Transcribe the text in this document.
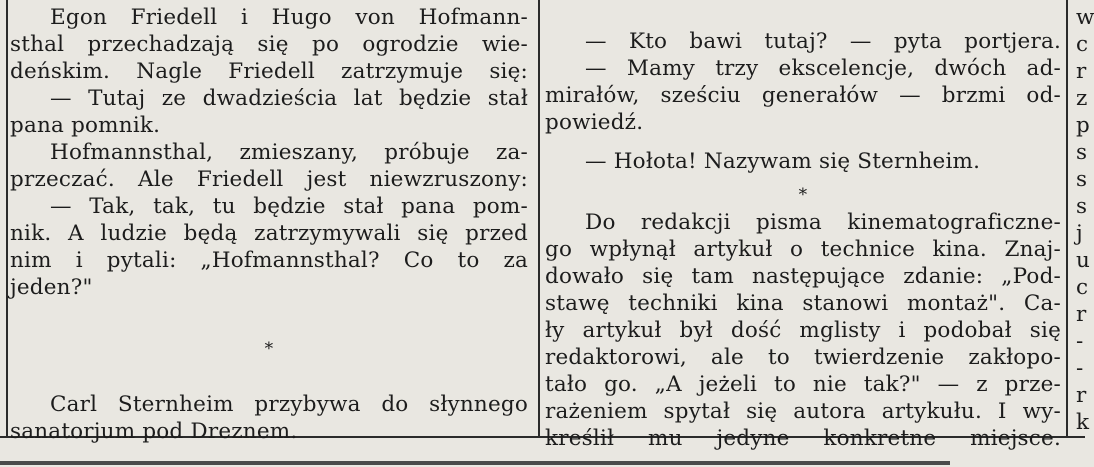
Egon Friedell i Hugo von Hofmann-

sthal przechadzają się po ogrodzie wie-

deńskim. Nagle Friedell zatrzymuje się:

— Tutaj ze dwadzieścia lat będzie stał

pana pomnik.

Hofmannsthal, zmieszany, próbuje za-

przeczać. Ale Friedell jest niewzruszony:

— Tak, tak, tu będzie stał pana pom-

nik. A ludzie będą zatrzymywali się przed

nim i pytali: „Hofmannsthal? Co to za

jeden?"

*

Carl Sternheim przybywa do słynnego

sanatorjum pod Dreznem.

— Kto bawi tutaj? — pyta portjera.

— Mamy trzy ekscelencje, dwóch ad-

mirałów, sześciu generałów — brzmi od-

powiedź.

— Hołota! Nazywam się Sternheim.

*

Do redakcji pisma kinematograficzne-

go wpłynął artykuł o technice kina. Znaj-

dowało się tam następujące zdanie: „Pod-

stawę techniki kina stanowi montaż". Ca-

ły artykuł był dość mglisty i podobał się

redaktorowi, ale to twierdzenie zakłopo-

tało go. „A jeżeli to nie tak?" — z prze-

rażeniem spytał się autora artykułu. I wy-

kreślił mu jedyne konkretne miejsce.

w
c
r
z
p
s
s
s
j
u
c
r
-
-
r
k
